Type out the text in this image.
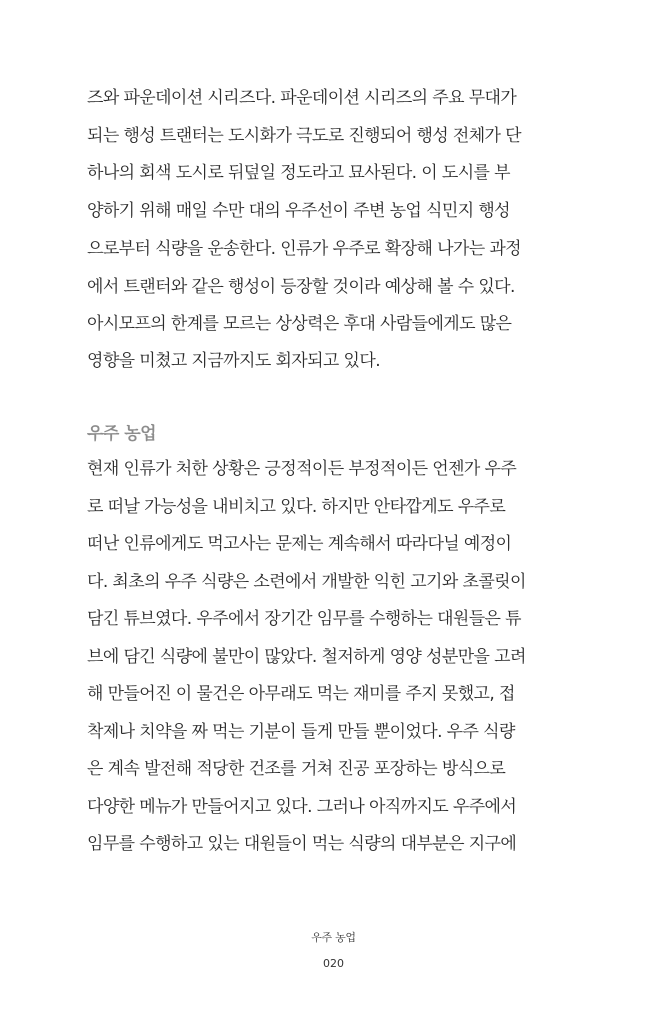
즈와 파운데이션 시리즈다. 파운데이션 시리즈의 주요 무대가
되는 행성 트랜터는 도시화가 극도로 진행되어 행성 전체가 단
하나의 회색 도시로 뒤덮일 정도라고 묘사된다. 이 도시를 부
양하기 위해 매일 수만 대의 우주선이 주변 농업 식민지 행성
으로부터 식량을 운송한다. 인류가 우주로 확장해 나가는 과정
에서 트랜터와 같은 행성이 등장할 것이라 예상해 볼 수 있다.
아시모프의 한계를 모르는 상상력은 후대 사람들에게도 많은
영향을 미쳤고 지금까지도 회자되고 있다.
우주 농업
현재 인류가 처한 상황은 긍정적이든 부정적이든 언젠가 우주
로 떠날 가능성을 내비치고 있다. 하지만 안타깝게도 우주로
떠난 인류에게도 먹고사는 문제는 계속해서 따라다닐 예정이
다. 최초의 우주 식량은 소련에서 개발한 익힌 고기와 초콜릿이
담긴 튜브였다. 우주에서 장기간 임무를 수행하는 대원들은 튜
브에 담긴 식량에 불만이 많았다. 철저하게 영양 성분만을 고려
해 만들어진 이 물건은 아무래도 먹는 재미를 주지 못했고, 접
착제나 치약을 짜 먹는 기분이 들게 만들 뿐이었다. 우주 식량
은 계속 발전해 적당한 건조를 거쳐 진공 포장하는 방식으로
다양한 메뉴가 만들어지고 있다. 그러나 아직까지도 우주에서
임무를 수행하고 있는 대원들이 먹는 식량의 대부분은 지구에
우주 농업
020
